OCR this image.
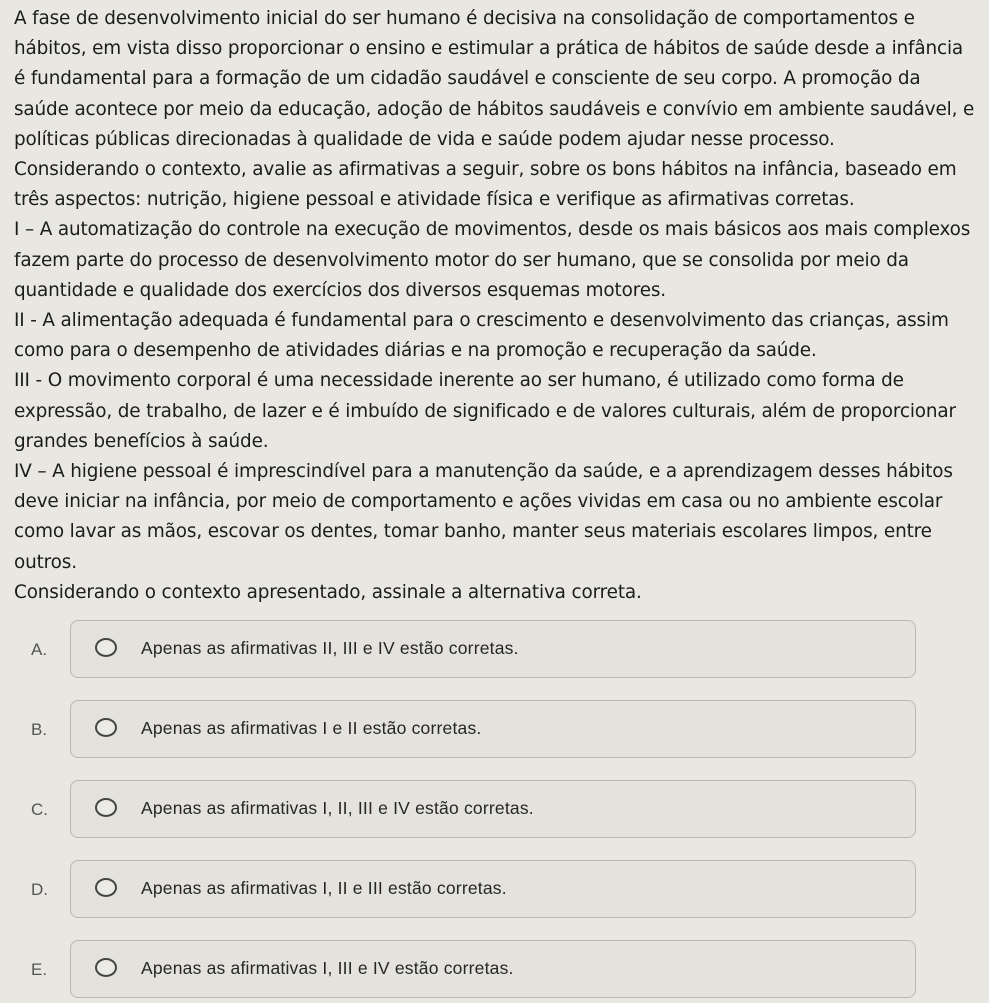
A fase de desenvolvimento inicial do ser humano é decisiva na consolidação de comportamentos e hábitos, em vista disso proporcionar o ensino e estimular a prática de hábitos de saúde desde a infância é fundamental para a formação de um cidadão saudável e consciente de seu corpo. A promoção da saúde acontece por meio da educação, adoção de hábitos saudáveis e convívio em ambiente saudável, e políticas públicas direcionadas à qualidade de vida e saúde podem ajudar nesse processo.

Considerando o contexto, avalie as afirmativas a seguir, sobre os bons hábitos na infância, baseado em três aspectos: nutrição, higiene pessoal e atividade física e verifique as afirmativas corretas.

I – A automatização do controle na execução de movimentos, desde os mais básicos aos mais complexos fazem parte do processo de desenvolvimento motor do ser humano, que se consolida por meio da quantidade e qualidade dos exercícios dos diversos esquemas motores.

II - A alimentação adequada é fundamental para o crescimento e desenvolvimento das crianças, assim como para o desempenho de atividades diárias e na promoção e recuperação da saúde.

III - O movimento corporal é uma necessidade inerente ao ser humano, é utilizado como forma de expressão, de trabalho, de lazer e é imbuído de significado e de valores culturais, além de proporcionar grandes benefícios à saúde.

IV – A higiene pessoal é imprescindível para a manutenção da saúde, e a aprendizagem desses hábitos deve iniciar na infância, por meio de comportamento e ações vividas em casa ou no ambiente escolar como lavar as mãos, escovar os dentes, tomar banho, manter seus materiais escolares limpos, entre outros.

Considerando o contexto apresentado, assinale a alternativa correta.

A.	Apenas as afirmativas II, III e IV estão corretas.
B.	Apenas as afirmativas I e II estão corretas.
C.	Apenas as afirmativas I, II, III e IV estão corretas.
D.	Apenas as afirmativas I, II e III estão corretas.
E.	Apenas as afirmativas I, III e IV estão corretas.
